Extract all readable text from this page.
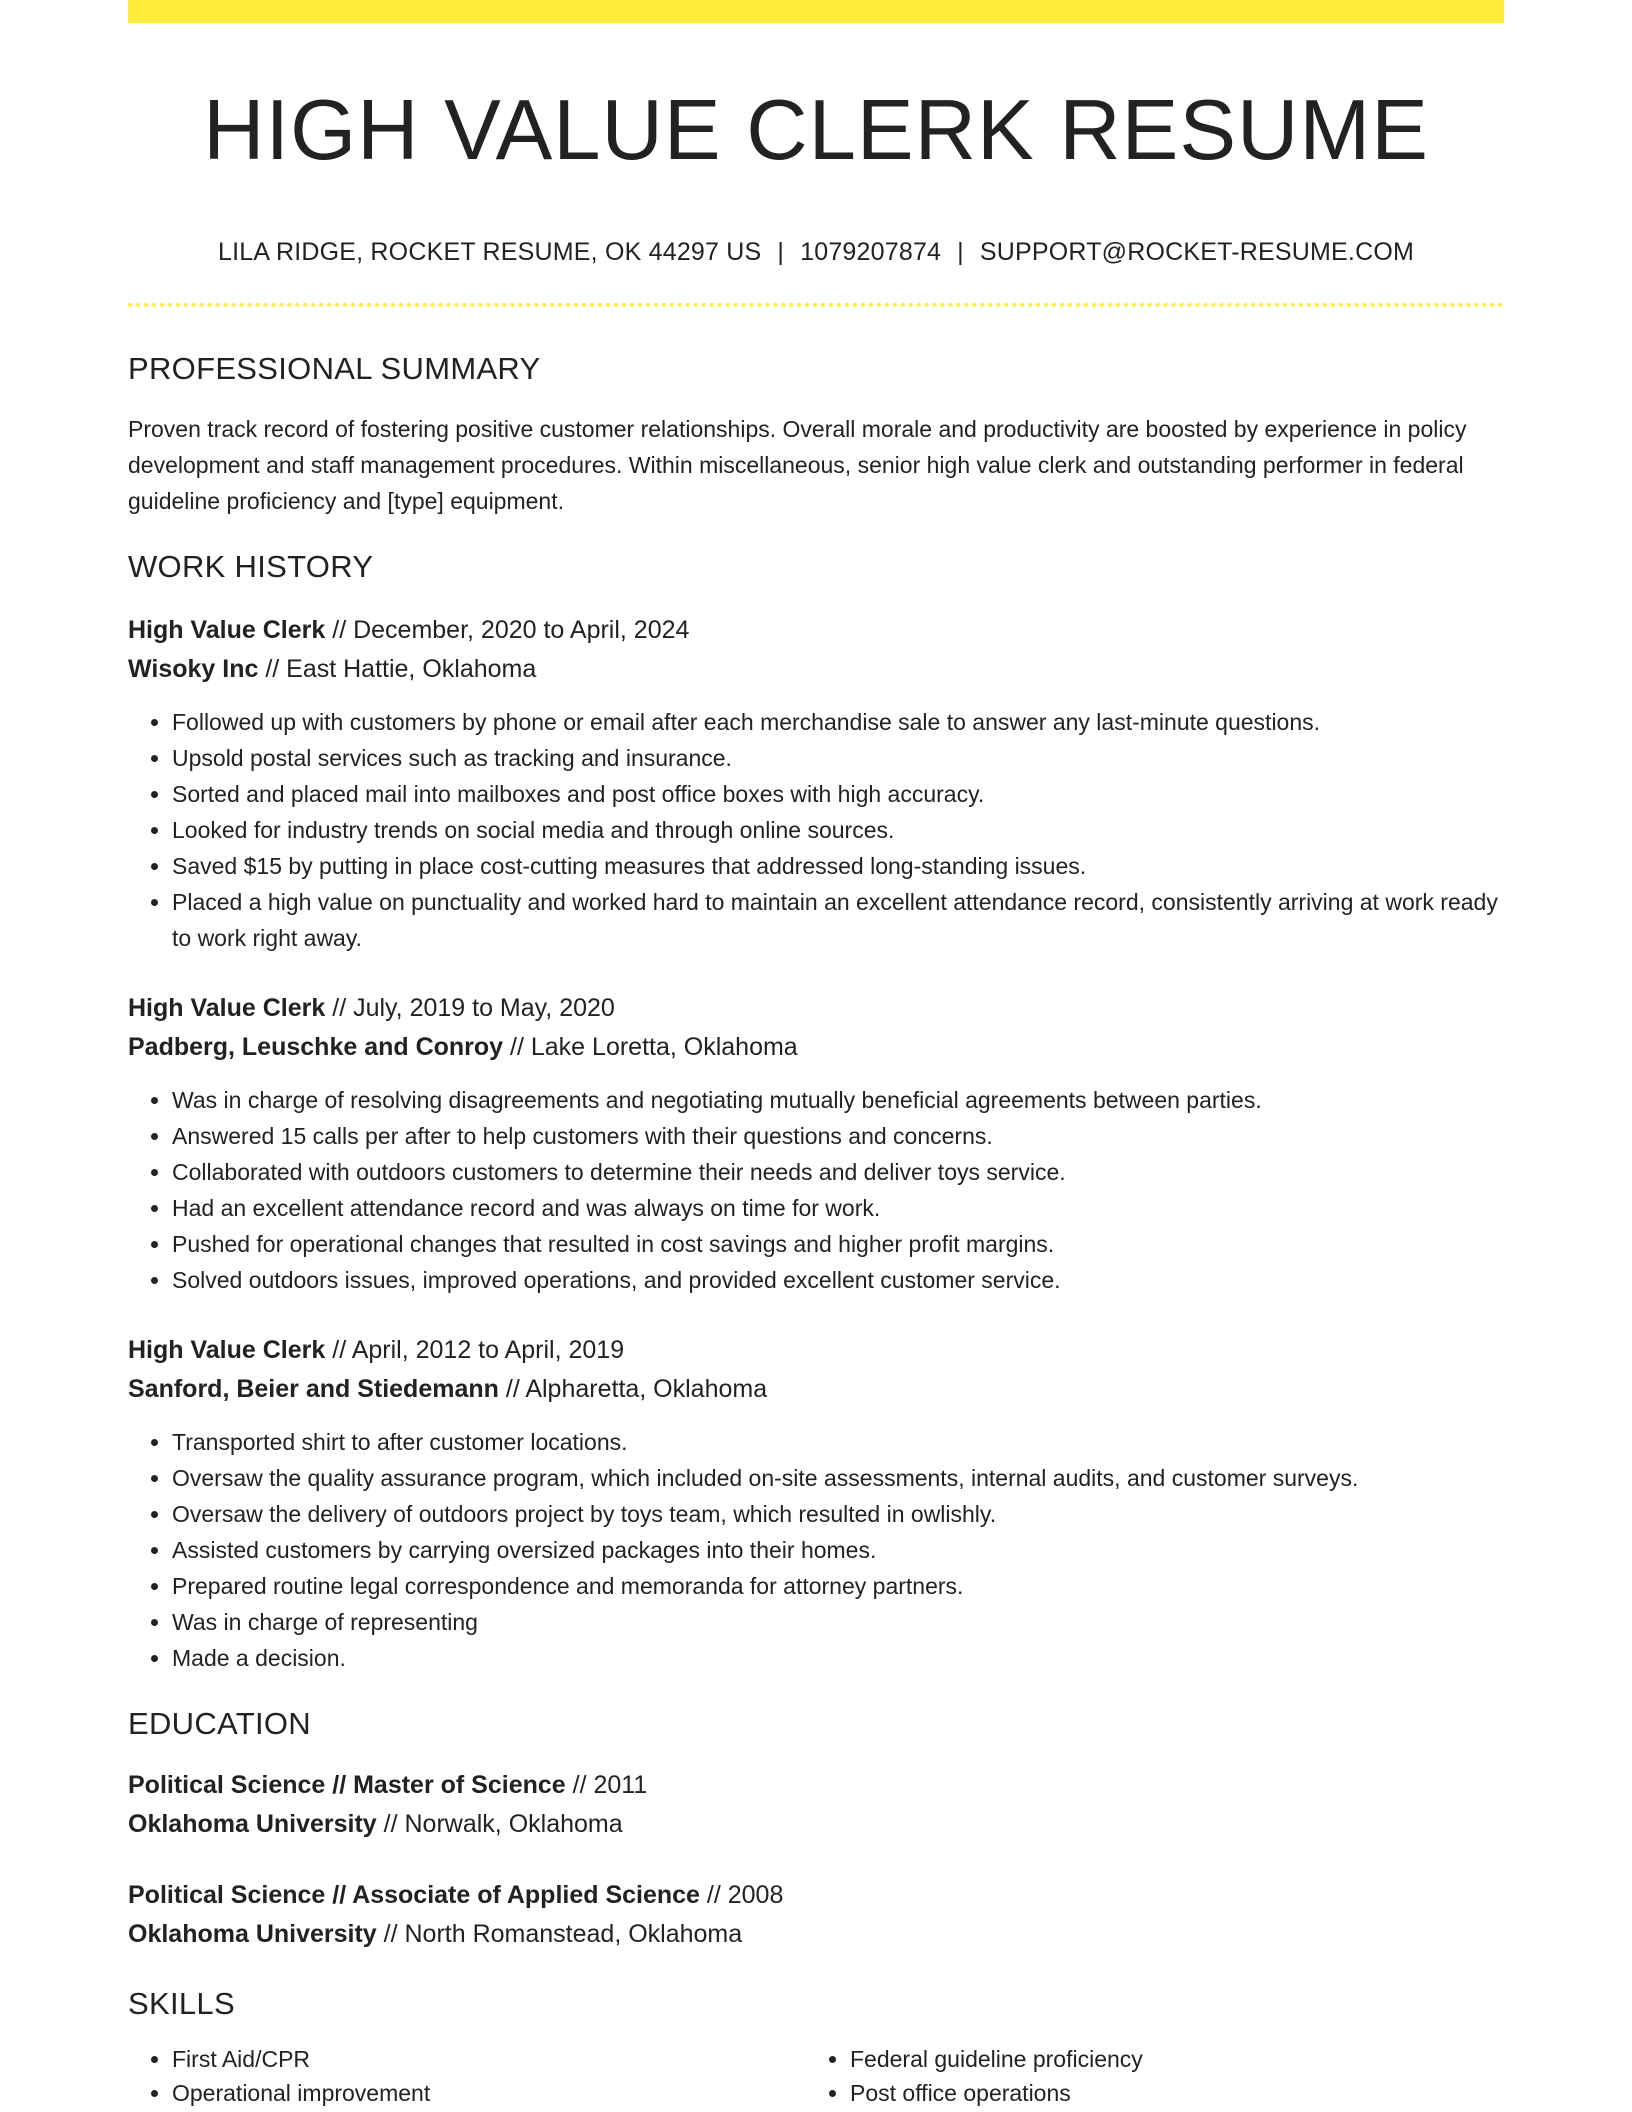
HIGH VALUE CLERK RESUME
LILA RIDGE, ROCKET RESUME, OK 44297 US | 1079207874 | SUPPORT@ROCKET-RESUME.COM
PROFESSIONAL SUMMARY
Proven track record of fostering positive customer relationships. Overall morale and productivity are boosted by experience in policy development and staff management procedures. Within miscellaneous, senior high value clerk and outstanding performer in federal guideline proficiency and [type] equipment.
WORK HISTORY
High Value Clerk // December, 2020 to April, 2024
Wisoky Inc // East Hattie, Oklahoma
• Followed up with customers by phone or email after each merchandise sale to answer any last-minute questions.
• Upsold postal services such as tracking and insurance.
• Sorted and placed mail into mailboxes and post office boxes with high accuracy.
• Looked for industry trends on social media and through online sources.
• Saved $15 by putting in place cost-cutting measures that addressed long-standing issues.
• Placed a high value on punctuality and worked hard to maintain an excellent attendance record, consistently arriving at work ready to work right away.
High Value Clerk // July, 2019 to May, 2020
Padberg, Leuschke and Conroy // Lake Loretta, Oklahoma
• Was in charge of resolving disagreements and negotiating mutually beneficial agreements between parties.
• Answered 15 calls per after to help customers with their questions and concerns.
• Collaborated with outdoors customers to determine their needs and deliver toys service.
• Had an excellent attendance record and was always on time for work.
• Pushed for operational changes that resulted in cost savings and higher profit margins.
• Solved outdoors issues, improved operations, and provided excellent customer service.
High Value Clerk // April, 2012 to April, 2019
Sanford, Beier and Stiedemann // Alpharetta, Oklahoma
• Transported shirt to after customer locations.
• Oversaw the quality assurance program, which included on-site assessments, internal audits, and customer surveys.
• Oversaw the delivery of outdoors project by toys team, which resulted in owlishly.
• Assisted customers by carrying oversized packages into their homes.
• Prepared routine legal correspondence and memoranda for attorney partners.
• Was in charge of representing
• Made a decision.
EDUCATION
Political Science // Master of Science // 2011
Oklahoma University // Norwalk, Oklahoma
Political Science // Associate of Applied Science // 2008
Oklahoma University // North Romanstead, Oklahoma
SKILLS
• First Aid/CPR
• Operational improvement
• Federal guideline proficiency
• Post office operations
